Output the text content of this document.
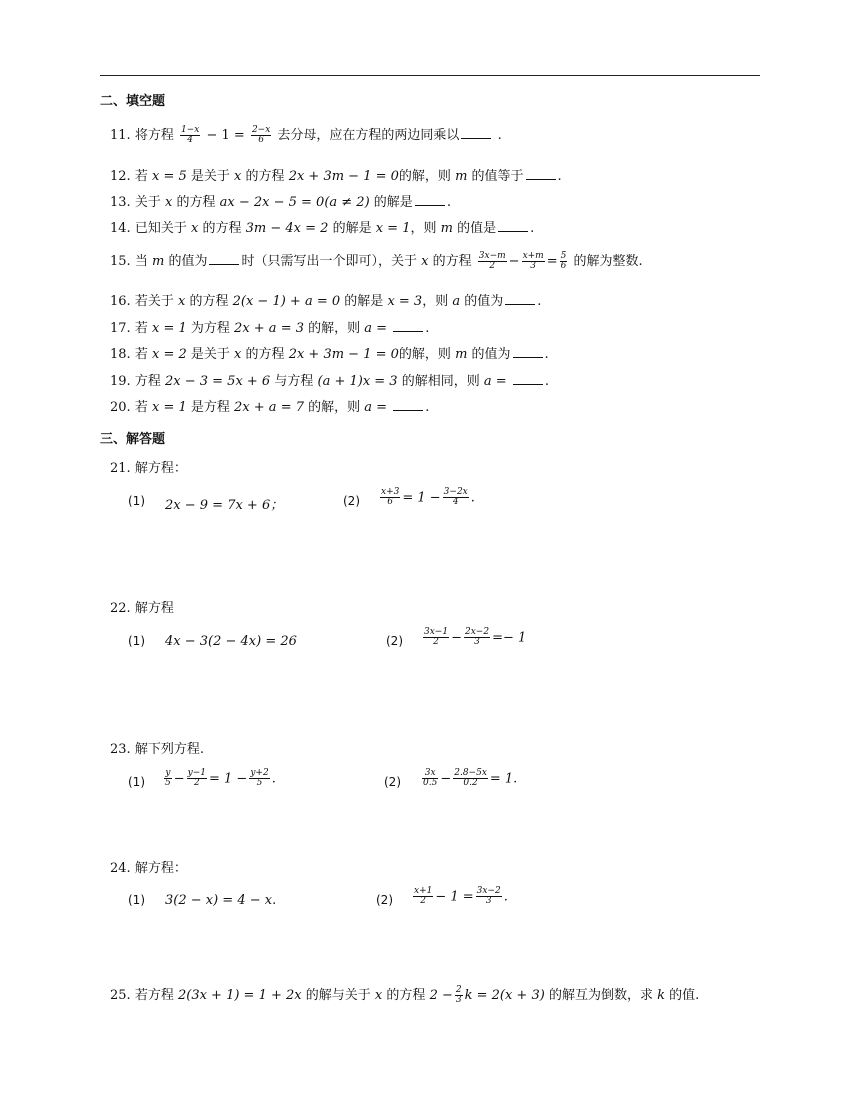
二、填空题
11. 将方程 $\frac{1-x}{4} - 1 = \frac{2-x}{6}$ 去分母，应在方程的两边同乘以	.
12. 若 x = 5 是关于 x 的方程 2x + 3m − 1 = 0的解，则 m 的值等于	.
13. 关于 x 的方程 ax − 2x − 5 = 0(a ≠ 2) 的解是	.
14. 已知关于 x 的方程 3m − 4x = 2 的解是 x = 1，则 m 的值是	.
15. 当 m 的值为	时（只需写出一个即可），关于 x 的方程 $\frac{3x-m}{2} - \frac{x+m}{3} = \frac{5}{6}$ 的解为整数.
16. 若关于 x 的方程 2(x − 1) + a = 0 的解是 x = 3，则 a 的值为	.
17. 若 x = 1 为方程 2x + a = 3 的解，则 a =	.
18. 若 x = 2 是关于 x 的方程 2x + 3m − 1 = 0的解，则 m 的值为	.
19. 方程 2x − 3 = 5x + 6 与方程 (a + 1)x = 3 的解相同，则 a =	.
20. 若 x = 1 是方程 2x + a = 7 的解，则 a =	.
三、解答题
21. 解方程：
(1) 2x − 9 = 7x + 6；	$(2) \frac{x+3}{6} = 1 - \frac{3-2x}{4}$ .
22. 解方程
(1) 4x − 3(2 − 4x) = 26	$(2) \frac{3x-1}{2} - \frac{2x-2}{3} =- 1$
23. 解下列方程.
$(1) \frac{y}{5} - \frac{y-1}{2} = 1 - \frac{y+2}{5}$ .	$(2) \frac{3x}{0.5} - \frac{2.8-5x}{0.2} = 1$.
24. 解方程：
(1) 3(2 − x) = 4 − x.	$(2) \frac{x+1}{2} - 1 = \frac{3x-2}{3}$ .
25. 若方程 2(3x + 1) = 1 + 2x 的解与关于 x 的方程 $2 - \frac{2}{3}$ k = 2(x + 3) 的解互为倒数，求 k 的值.
